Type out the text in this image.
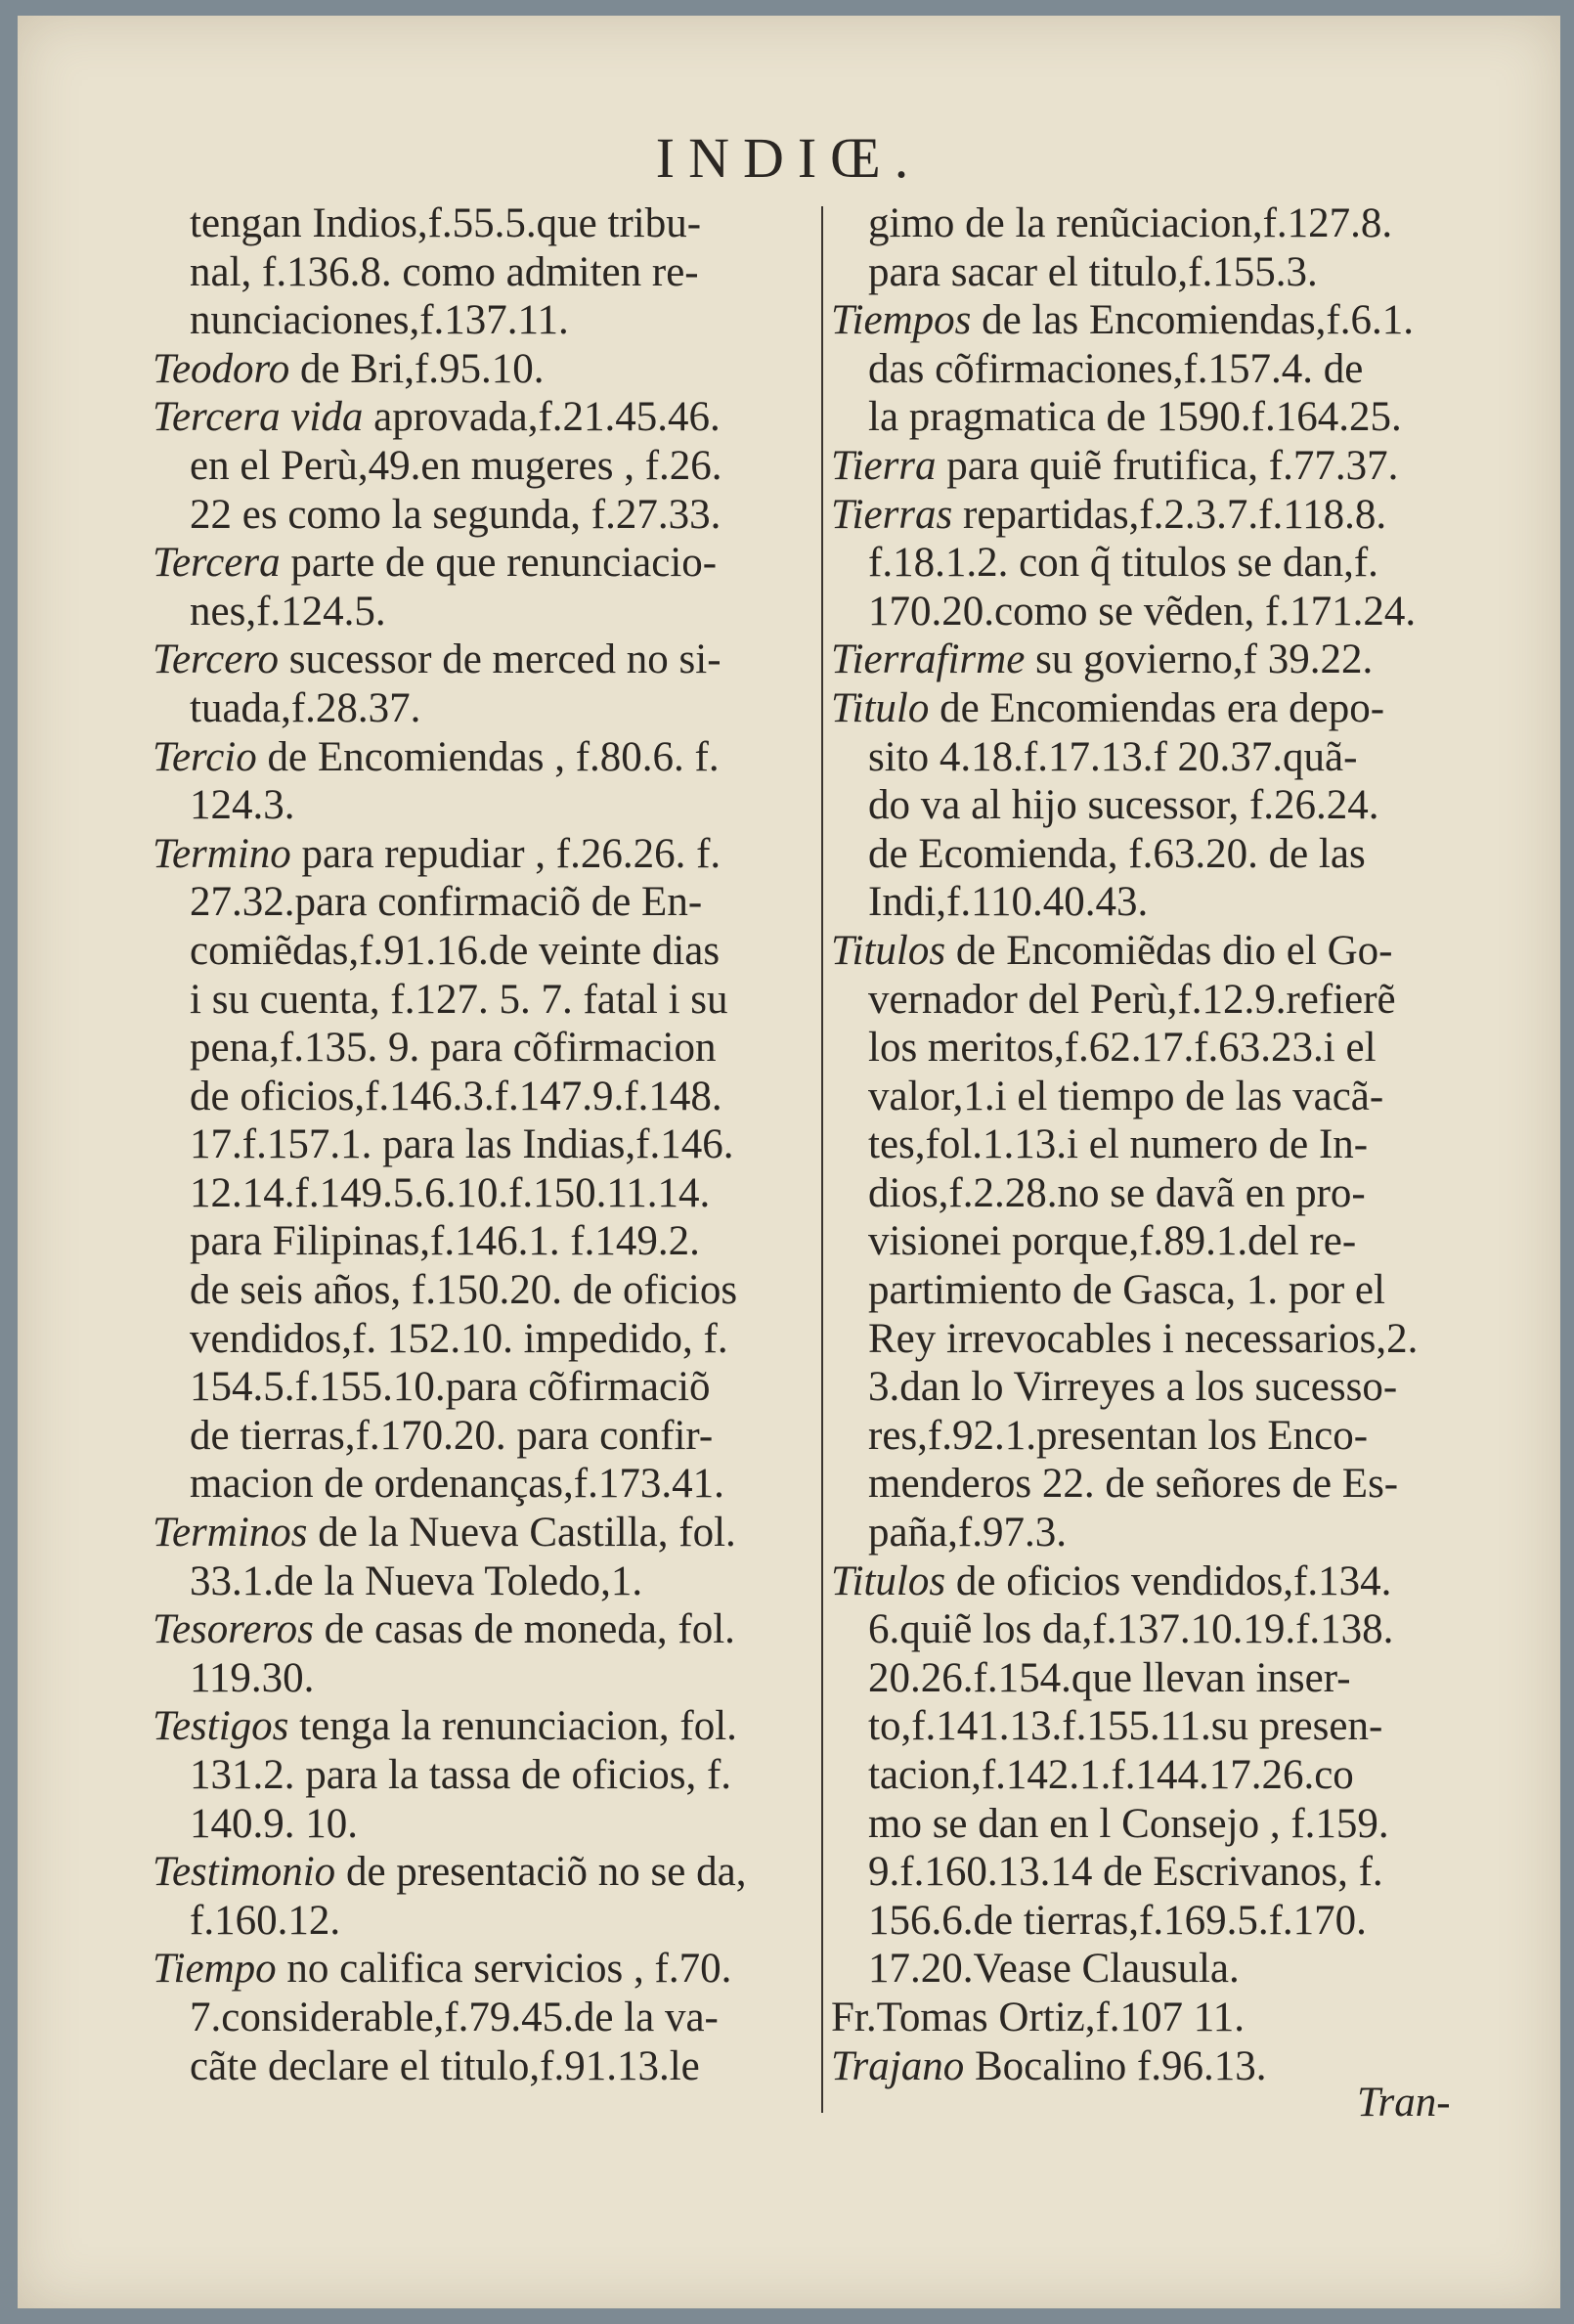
INDIŒ.
tengan Indios,f.55.5.que tribu-
nal, f.136.8. como admiten re-
nunciaciones,f.137.11.
Teodoro de Bri,f.95.10.
Tercera vida aprovada,f.21.45.46.
en el Perù,49.en mugeres , f.26.
22 es como la segunda, f.27.33.
Tercera parte de que renunciacio-
nes,f.124.5.
Tercero sucessor de merced no si-
tuada,f.28.37.
Tercio de Encomiendas , f.80.6. f.
124.3.
Termino para repudiar , f.26.26. f.
27.32.para confirmaciõ de En-
comiẽdas,f.91.16.de veinte dias
i su cuenta, f.127. 5. 7. fatal i su
pena,f.135. 9. para cõfirmacion
de oficios,f.146.3.f.147.9.f.148.
17.f.157.1. para las Indias,f.146.
12.14.f.149.5.6.10.f.150.11.14.
para Filipinas,f.146.1. f.149.2.
de seis años, f.150.20. de oficios
vendidos,f. 152.10. impedido, f.
154.5.f.155.10.para cõfirmaciõ
de tierras,f.170.20. para confir-
macion de ordenanças,f.173.41.
Terminos de la Nueva Castilla, fol.
33.1.de la Nueva Toledo,1.
Tesoreros de casas de moneda, fol.
119.30.
Testigos tenga la renunciacion, fol.
131.2. para la tassa de oficios, f.
140.9. 10.
Testimonio de presentaciõ no se da,
f.160.12.
Tiempo no califica servicios , f.70.
7.considerable,f.79.45.de la va-
cãte declare el titulo,f.91.13.le
gimo de la renũciacion,f.127.8.
para sacar el titulo,f.155.3.
Tiempos de las Encomiendas,f.6.1.
das cõfirmaciones,f.157.4. de
la pragmatica de 1590.f.164.25.
Tierra para quiẽ frutifica, f.77.37.
Tierras repartidas,f.2.3.7.f.118.8.
f.18.1.2. con q̃ titulos se dan,f.
170.20.como se vẽden, f.171.24.
Tierrafirme su govierno,f 39.22.
Titulo de Encomiendas era depo-
sito 4.18.f.17.13.f 20.37.quã-
do va al hijo sucessor, f.26.24.
de Ecomienda, f.63.20. de las
Indi,f.110.40.43.
Titulos de Encomiẽdas dio el Go-
vernador del Perù,f.12.9.refierẽ
los meritos,f.62.17.f.63.23.i el
valor,1.i el tiempo de las vacã-
tes,fol.1.13.i el numero de In-
dios,f.2.28.no se davã en pro-
visionei porque,f.89.1.del re-
partimiento de Gasca, 1. por el
Rey irrevocables i necessarios,2.
3.dan lo Virreyes a los sucesso-
res,f.92.1.presentan los Enco-
menderos 22. de señores de Es-
paña,f.97.3.
Titulos de oficios vendidos,f.134.
6.quiẽ los da,f.137.10.19.f.138.
20.26.f.154.que llevan inser-
to,f.141.13.f.155.11.su presen-
tacion,f.142.1.f.144.17.26.co
mo se dan en l Consejo , f.159.
9.f.160.13.14 de Escrivanos, f.
156.6.de tierras,f.169.5.f.170.
17.20.Vease Clausula.
Fr.Tomas Ortiz,f.107 11.
Trajano Bocalino f.96.13.
Tran-
